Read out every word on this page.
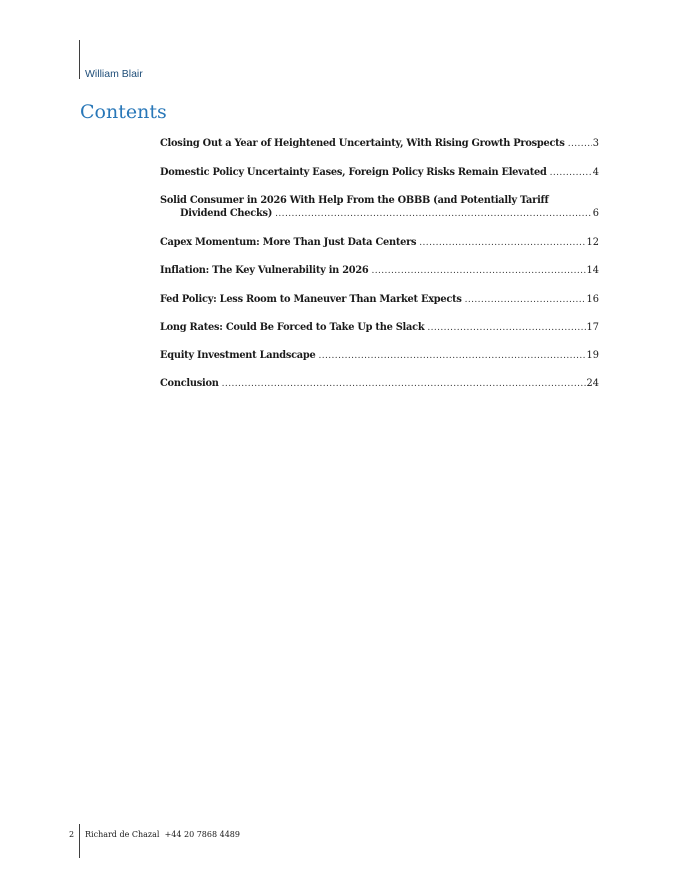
William Blair
Contents
Closing Out a Year of Heightened Uncertainty, With Rising Growth Prospects .....	3
Domestic Policy Uncertainty Eases, Foreign Policy Risks Remain Elevated .....	4
Solid Consumer in 2026 With Help From the OBBB (and Potentially Tariff
Dividend Checks) .....	6
Capex Momentum: More Than Just Data Centers .....	12
Inflation: The Key Vulnerability in 2026 .....	14
Fed Policy: Less Room to Maneuver Than Market Expects .....	16
Long Rates: Could Be Forced to Take Up the Slack .....	17
Equity Investment Landscape .....	19
Conclusion .....	24
2 Richard de Chazal +44 20 7868 4489
